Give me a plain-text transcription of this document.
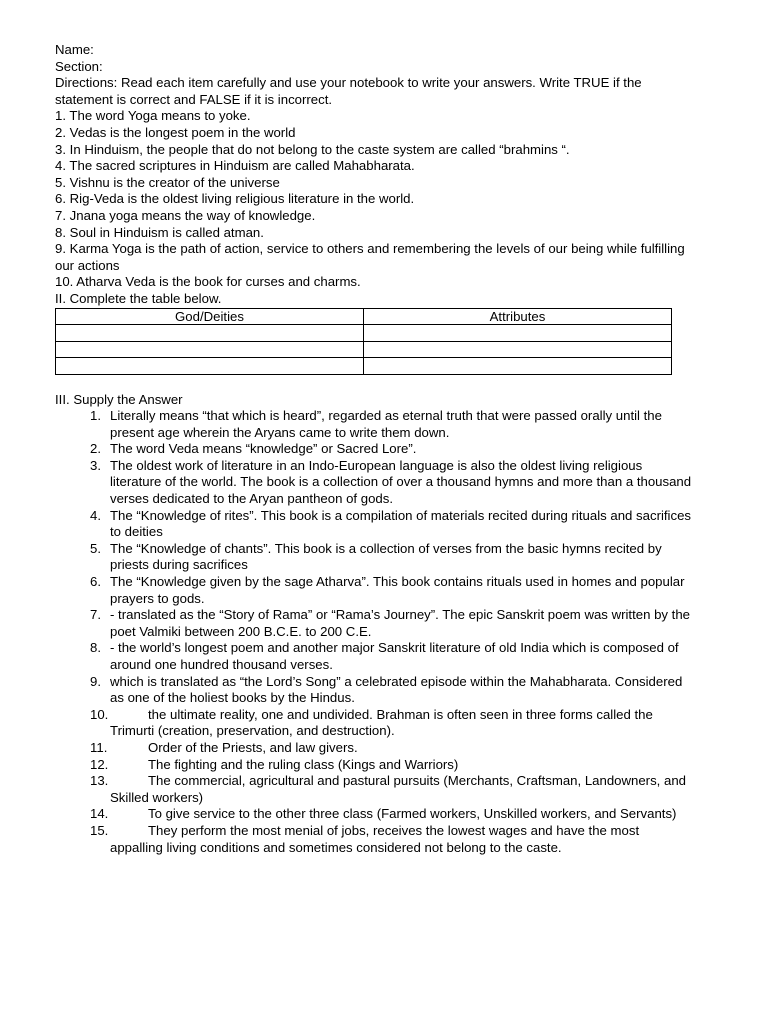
Name:

Section:

Directions: Read each item carefully and use your notebook to write your answers. Write TRUE if the statement is correct and FALSE if it is incorrect.

1. The word Yoga means to yoke.
2. Vedas is the longest poem in the world
3. In Hinduism, the people that do not belong to the caste system are called “brahmins “.
4. The sacred scriptures in Hinduism are called Mahabharata.
5. Vishnu is the creator of the universe
6. Rig-Veda is the oldest living religious literature in the world.
7. Jnana yoga means the way of knowledge.
8. Soul in Hinduism is called atman.
9. Karma Yoga is the path of action, service to others and remembering the levels of our being while fulfilling our actions
10. Atharva Veda is the book for curses and charms.

II. Complete the table below.

God/Deities	Attributes

III. Supply the Answer

1. Literally means “that which is heard”, regarded as eternal truth that were passed orally until the present age wherein the Aryans came to write them down.
2. The word Veda means “knowledge” or Sacred Lore”.
3. The oldest work of literature in an Indo-European language is also the oldest living religious literature of the world. The book is a collection of over a thousand hymns and more than a thousand verses dedicated to the Aryan pantheon of gods.
4. The “Knowledge of rites”. This book is a compilation of materials recited during rituals and sacrifices to deities
5. The “Knowledge of chants”. This book is a collection of verses from the basic hymns recited by priests during sacrifices
6. The “Knowledge given by the sage Atharva”. This book contains rituals used in homes and popular prayers to gods.
7. - translated as the “Story of Rama” or “Rama’s Journey”. The epic Sanskrit poem was written by the poet Valmiki between 200 B.C.E. to 200 C.E.
8. - the world’s longest poem and another major Sanskrit literature of old India which is composed of around one hundred thousand verses.
9. which is translated as “the Lord’s Song” a celebrated episode within the Mahabharata. Considered as one of the holiest books by the Hindus.
10.	the ultimate reality, one and undivided. Brahman is often seen in three forms called the Trimurti (creation, preservation, and destruction).
11.	Order of the Priests, and law givers.
12.	The fighting and the ruling class (Kings and Warriors)
13.	The commercial, agricultural and pastural pursuits (Merchants, Craftsman, Landowners, and Skilled workers)
14.	To give service to the other three class (Farmed workers, Unskilled workers, and Servants)
15.	They perform the most menial of jobs, receives the lowest wages and have the most appalling living conditions and sometimes considered not belong to the caste.
